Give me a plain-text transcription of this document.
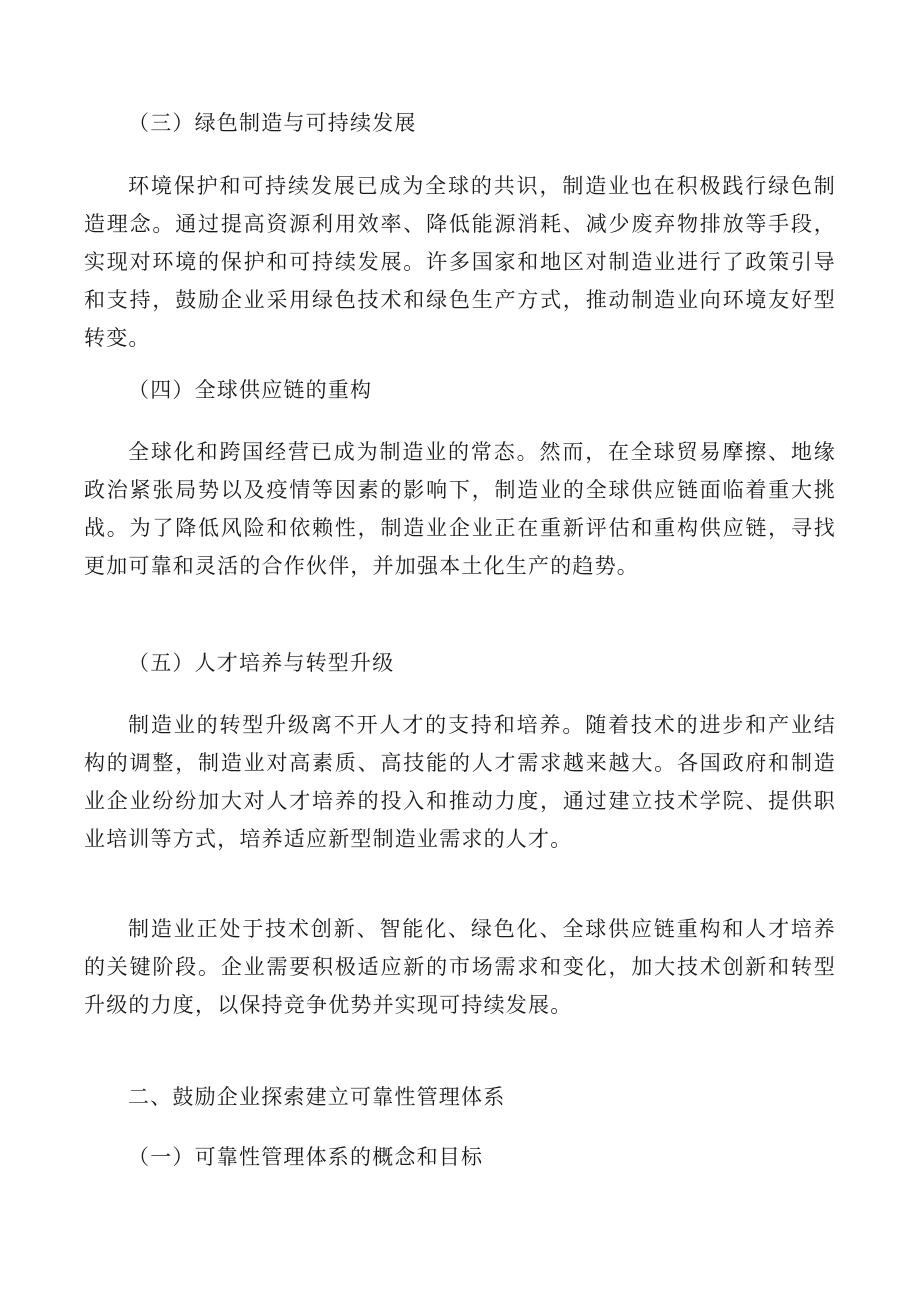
（三）绿色制造与可持续发展

环境保护和可持续发展已成为全球的共识，制造业也在积极践行绿色制造理念。通过提高资源利用效率、降低能源消耗、减少废弃物排放等手段，实现对环境的保护和可持续发展。许多国家和地区对制造业进行了政策引导和支持，鼓励企业采用绿色技术和绿色生产方式，推动制造业向环境友好型转变。

（四）全球供应链的重构

全球化和跨国经营已成为制造业的常态。然而，在全球贸易摩擦、地缘政治紧张局势以及疫情等因素的影响下，制造业的全球供应链面临着重大挑战。为了降低风险和依赖性，制造业企业正在重新评估和重构供应链，寻找更加可靠和灵活的合作伙伴，并加强本土化生产的趋势。

（五）人才培养与转型升级

制造业的转型升级离不开人才的支持和培养。随着技术的进步和产业结构的调整，制造业对高素质、高技能的人才需求越来越大。各国政府和制造业企业纷纷加大对人才培养的投入和推动力度，通过建立技术学院、提供职业培训等方式，培养适应新型制造业需求的人才。

制造业正处于技术创新、智能化、绿色化、全球供应链重构和人才培养的关键阶段。企业需要积极适应新的市场需求和变化，加大技术创新和转型升级的力度，以保持竞争优势并实现可持续发展。

二、鼓励企业探索建立可靠性管理体系

（一）可靠性管理体系的概念和目标
